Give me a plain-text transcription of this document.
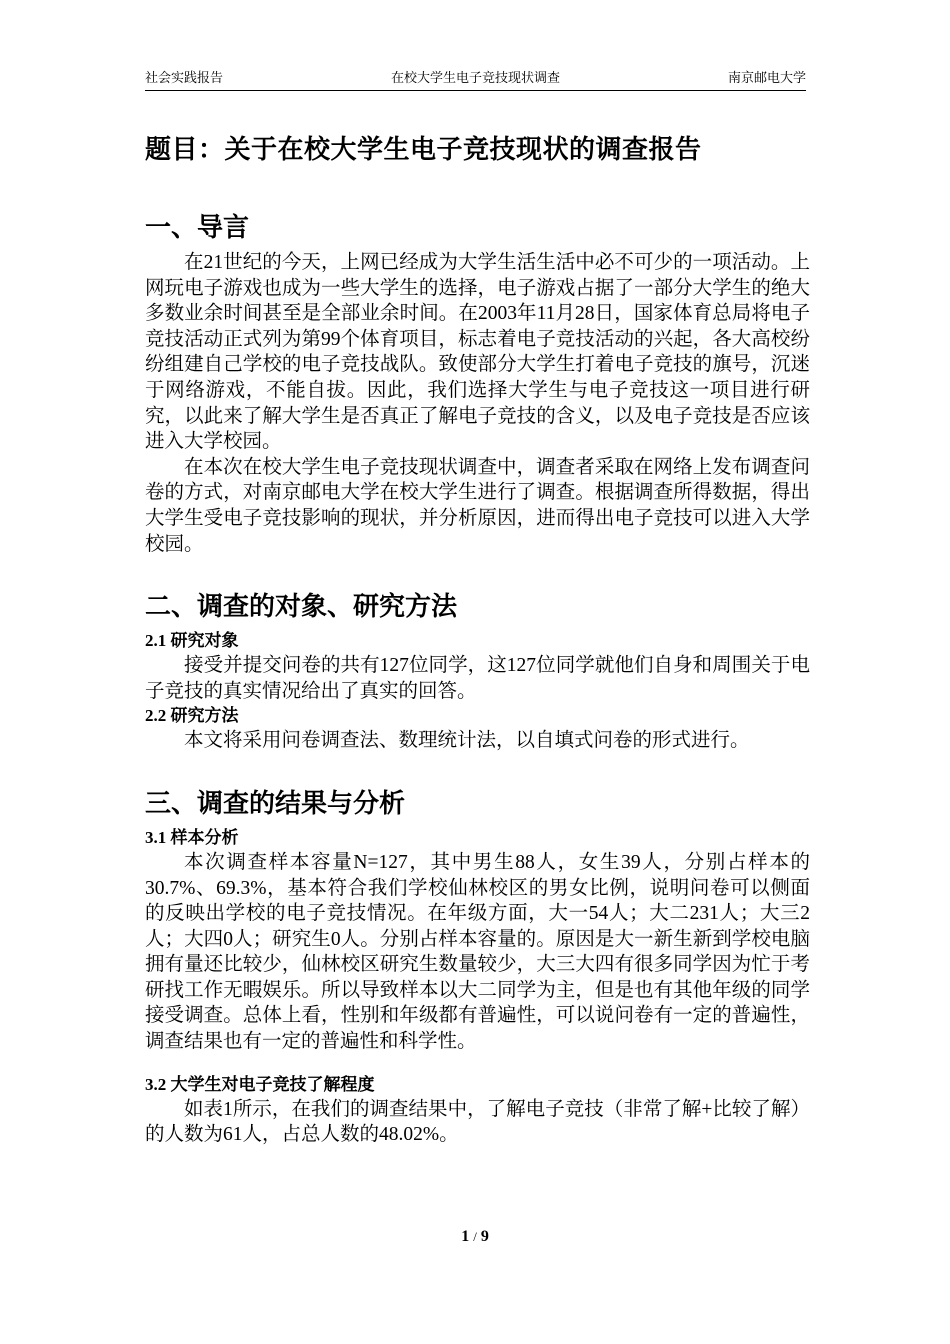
社会实践报告	在校大学生电子竞技现状调查	南京邮电大学
题目：关于在校大学生电子竞技现状的调查报告
一、导言

在21世纪的今天，上网已经成为大学生活生活中必不可少的一项活动。上网玩电子游戏也成为一些大学生的选择，电子游戏占据了一部分大学生的绝大多数业余时间甚至是全部业余时间。在2003年11月28日，国家体育总局将电子竞技活动正式列为第99个体育项目，标志着电子竞技活动的兴起，各大高校纷纷组建自己学校的电子竞技战队。致使部分大学生打着电子竞技的旗号，沉迷于网络游戏，不能自拔。因此，我们选择大学生与电子竞技这一项目进行研究，以此来了解大学生是否真正了解电子竞技的含义，以及电子竞技是否应该进入大学校园。

在本次在校大学生电子竞技现状调查中，调查者采取在网络上发布调查问卷的方式，对南京邮电大学在校大学生进行了调查。根据调查所得数据，得出大学生受电子竞技影响的现状，并分析原因，进而得出电子竞技可以进入大学校园。

二、调查的对象、研究方法
2.1 研究对象

接受并提交问卷的共有127位同学，这127位同学就他们自身和周围关于电子竞技的真实情况给出了真实的回答。

2.2 研究方法

本文将采用问卷调查法、数理统计法，以自填式问卷的形式进行。

三、调查的结果与分析
3.1 样本分析

本次调查样本容量N=127，其中男生88人，女生39人，分别占样本的30.7%、69.3%，基本符合我们学校仙林校区的男女比例，说明问卷可以侧面的反映出学校的电子竞技情况。在年级方面，大一54人；大二231人；大三2人；大四0人；研究生0人。分别占样本容量的。原因是大一新生新到学校电脑拥有量还比较少，仙林校区研究生数量较少，大三大四有很多同学因为忙于考研找工作无暇娱乐。所以导致样本以大二同学为主，但是也有其他年级的同学接受调查。总体上看，性别和年级都有普遍性，可以说问卷有一定的普遍性，调查结果也有一定的普遍性和科学性。

3.2 大学生对电子竞技了解程度

如表1所示，在我们的调查结果中，了解电子竞技（非常了解+比较了解）的人数为61人，占总人数的48.02%。

1 / 9
